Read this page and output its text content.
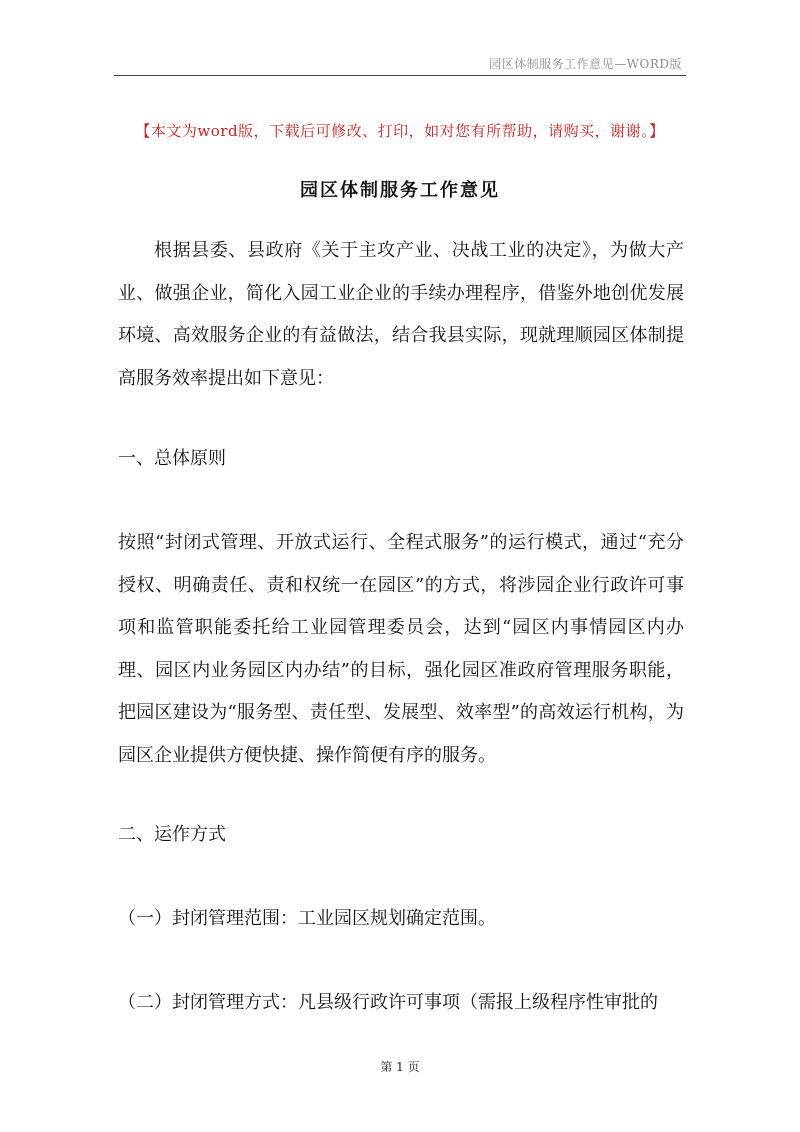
园区体制服务工作意见—WORD版
【本文为word版，下载后可修改、打印，如对您有所帮助，请购买，谢谢。】
园区体制服务工作意见

根据县委、县政府《关于主攻产业、决战工业的决定》，为做大产业、做强企业，简化入园工业企业的手续办理程序，借鉴外地创优发展环境、高效服务企业的有益做法，结合我县实际，现就理顺园区体制提高服务效率提出如下意见：

一、总体原则

按照“封闭式管理、开放式运行、全程式服务”的运行模式，通过“充分授权、明确责任、责和权统一在园区”的方式，将涉园企业行政许可事项和监管职能委托给工业园管理委员会，达到“园区内事情园区内办理、园区内业务园区内办结”的目标，强化园区准政府管理服务职能，把园区建设为“服务型、责任型、发展型、效率型”的高效运行机构，为园区企业提供方便快捷、操作简便有序的服务。

二、运作方式

（一）封闭管理范围：工业园区规划确定范围。

（二）封闭管理方式：凡县级行政许可事项（需报上级程序性审批的

第 1 页
